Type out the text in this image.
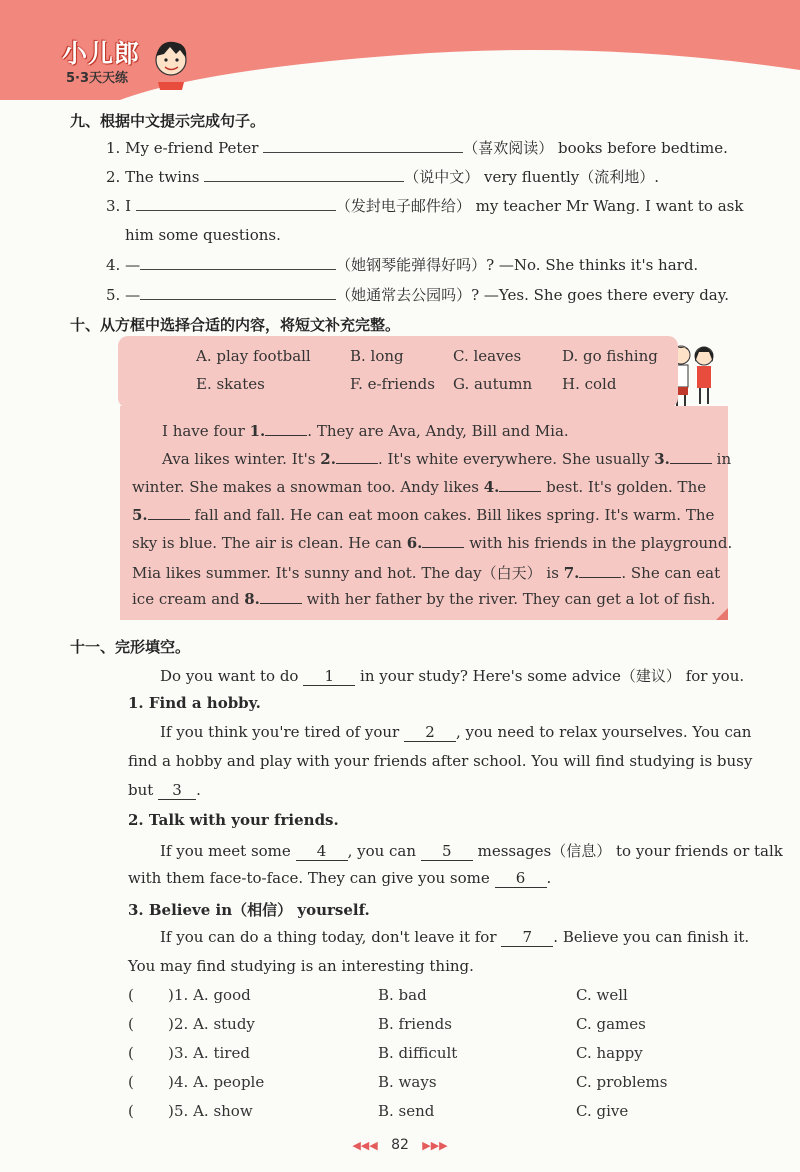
小儿郎
5·3天天练
九、根据中文提示完成句子。
1. My e-friend Peter	（喜欢阅读） books before bedtime.
2. The twins	（说中文） very fluently（流利地）.
3. I	（发封电子邮件给） my teacher Mr Wang. I want to ask
him some questions.
4. —	（她钢琴能弹得好吗）? —No. She thinks it's hard.
5. —	（她通常去公园吗）? —Yes. She goes there every day.
十、从方框中选择合适的内容，将短文补充完整。
A. play football	B. long	C. leaves	D. go fishing
E. skates	F. e-friends G. autumn H. cold
I have four 1.	. They are Ava, Andy, Bill and Mia.
Ava likes winter. It's 2.	. It's white everywhere. She usually 3.	in
winter. She makes a snowman too. Andy likes 4.	best. It's golden. The
5.	fall and fall. He can eat moon cakes. Bill likes spring. It's warm. The
sky is blue. The air is clean. He can 6.	with his friends in the playground.
Mia likes summer. It's sunny and hot. The day（白天） is 7.	. She can eat
ice cream and 8.	with her father by the river. They can get a lot of fish.
十一、完形填空。
Do you want to do 1 in your study? Here's some advice（建议） for you.
1. Find a hobby.
If you think you're tired of your 2 , you need to relax yourselves. You can
find a hobby and play with your friends after school. You will find studying is busy
but 3 .
2. Talk with your friends.
If you meet some 4 , you can 5 messages（信息） to your friends or talk
with them face-to-face. They can give you some 6 .
3. Believe in（相信） yourself.
If you can do a thing today, don't leave it for 7 . Believe you can finish it.
You may find studying is an interesting thing.
( ) 1. A. good	B. bad	C. well
( ) 2. A. study	B. friends	C. games
( ) 3. A. tired	B. difficult	C. happy
( ) 4. A. people	B. ways	C. problems
( ) 5. A. show	B. send	C. give
◀◀◀ 82 ▶▶▶
